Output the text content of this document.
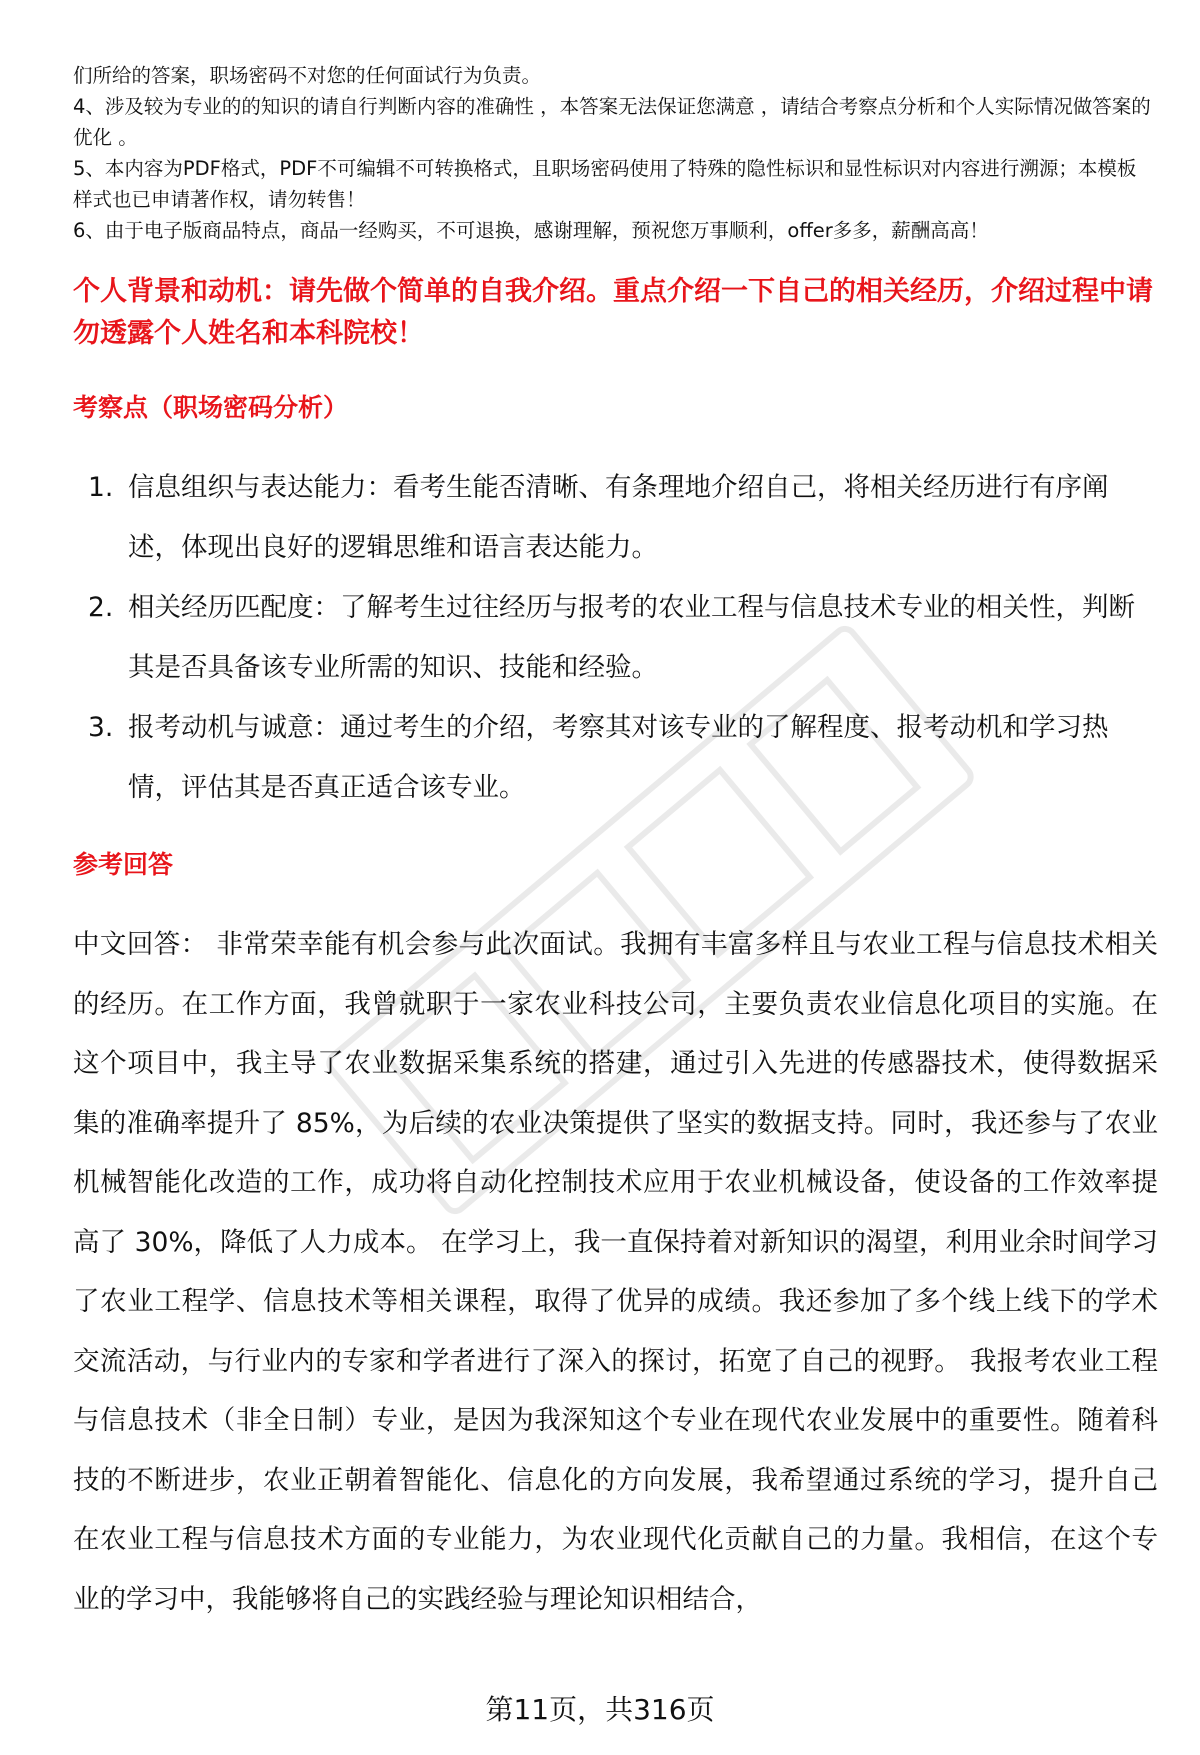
们所给的答案，职场密码不对您的任何面试行为负责。

4、涉及较为专业的的知识的请自行判断内容的准确性 ，本答案无法保证您满意 ，请结合考察点分析和个人实际情况做答案的优化 。

5、本内容为PDF格式，PDF不可编辑不可转换格式，且职场密码使用了特殊的隐性标识和显性标识对内容进行溯源；本模板样式也已申请著作权，请勿转售！

6、由于电子版商品特点，商品一经购买，不可退换，感谢理解，预祝您万事顺利，offer多多，薪酬高高！

个人背景和动机：请先做个简单的自我介绍。重点介绍一下自己的相关经历，介绍过程中请勿透露个人姓名和本科院校！
考察点（职场密码分析）
1. 信息组织与表达能力：看考生能否清晰、有条理地介绍自己，将相关经历进行有序阐述，体现出良好的逻辑思维和语言表达能力。
2. 相关经历匹配度：了解考生过往经历与报考的农业工程与信息技术专业的相关性，判断其是否具备该专业所需的知识、技能和经验。
3. 报考动机与诚意：通过考生的介绍，考察其对该专业的了解程度、报考动机和学习热情，评估其是否真正适合该专业。
参考回答

中文回答： 非常荣幸能有机会参与此次面试。我拥有丰富多样且与农业工程与信息技术相关的经历。在工作方面，我曾就职于一家农业科技公司，主要负责农业信息化项目的实施。在这个项目中，我主导了农业数据采集系统的搭建，通过引入先进的传感器技术，使得数据采集的准确率提升了 85%，为后续的农业决策提供了坚实的数据支持。同时，我还参与了农业机械智能化改造的工作，成功将自动化控制技术应用于农业机械设备，使设备的工作效率提高了 30%，降低了人力成本。 在学习上，我一直保持着对新知识的渴望，利用业余时间学习了农业工程学、信息技术等相关课程，取得了优异的成绩。我还参加了多个线上线下的学术交流活动，与行业内的专家和学者进行了深入的探讨，拓宽了自己的视野。 我报考农业工程与信息技术（非全日制）专业，是因为我深知这个专业在现代农业发展中的重要性。随着科技的不断进步，农业正朝着智能化、信息化的方向发展，我希望通过系统的学习，提升自己在农业工程与信息技术方面的专业能力，为农业现代化贡献自己的力量。我相信，在这个专业的学习中，我能够将自己的实践经验与理论知识相结合，

第11页，共316页
